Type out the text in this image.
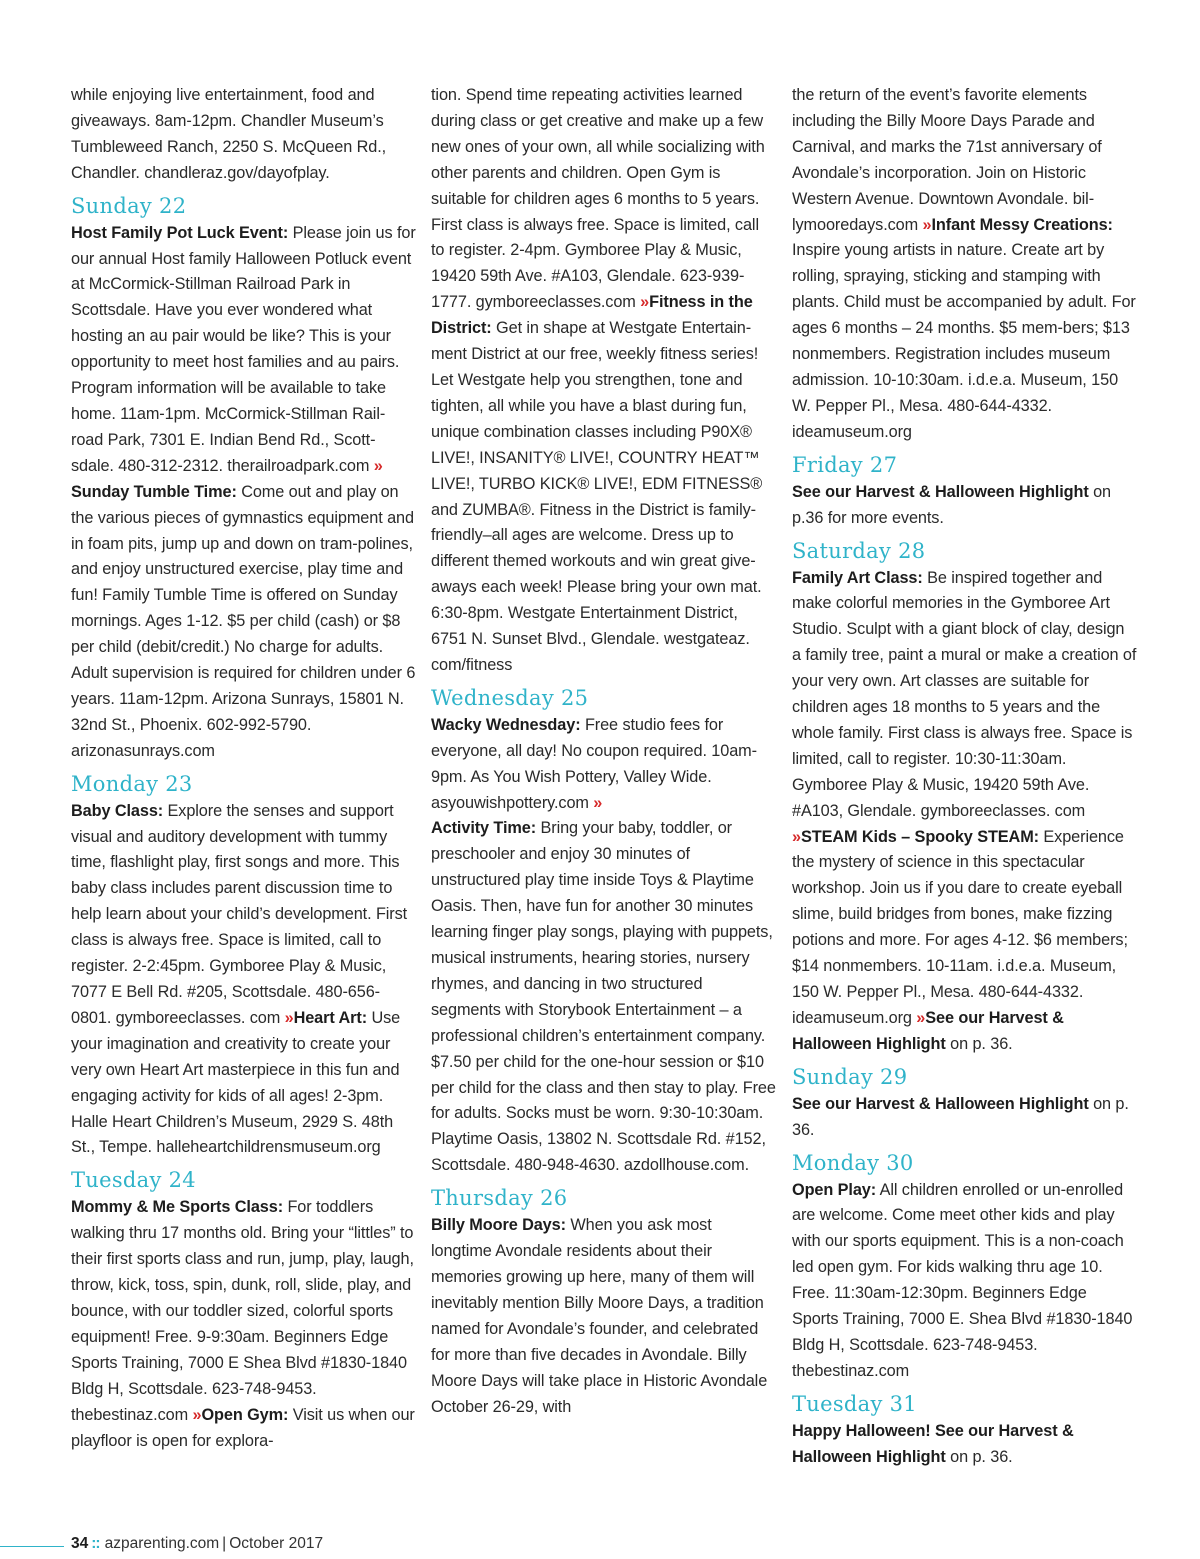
while enjoying live entertainment, food and giveaways. 8am-12pm. Chandler Museum’s Tumbleweed Ranch, 2250 S. McQueen Rd., Chandler. chandleraz.gov/dayofplay.

Sunday 22

Host Family Pot Luck Event: Please join us for our annual Host family Halloween Potluck event at McCormick-Stillman Railroad Park in Scottsdale. Have you ever wondered what hosting an au pair would be like? This is your opportunity to meet host families and au pairs. Program information will be available to take home. 11am-1pm. McCormick-Stillman Rail-road Park, 7301 E. Indian Bend Rd., Scott-sdale. 480-312-2312. therailroadpark.com »
Sunday Tumble Time: Come out and play on the various pieces of gymnastics equipment and in foam pits, jump up and down on tram-polines, and enjoy unstructured exercise, play time and fun! Family Tumble Time is offered on Sunday mornings. Ages 1-12. $5 per child (cash) or $8 per child (debit/credit.) No charge for adults. Adult supervision is required for children under 6 years. 11am-12pm. Arizona Sunrays, 15801 N. 32nd St., Phoenix. 602-992-5790. arizonasunrays.com

Monday 23

Baby Class: Explore the senses and support visual and auditory development with tummy time, flashlight play, first songs and more. This baby class includes parent discussion time to help learn about your child’s development. First class is always free. Space is limited, call to register. 2-2:45pm. Gymboree Play & Music, 7077 E Bell Rd. #205, Scottsdale. 480-656-0801. gymboreeclasses. com »Heart Art: Use your imagination and creativity to create your very own Heart Art masterpiece in this fun and engaging activity for kids of all ages! 2-3pm. Halle Heart Children’s Museum, 2929 S. 48th St., Tempe. halleheartchildrensmuseum.org

Tuesday 24

Mommy & Me Sports Class: For toddlers walking thru 17 months old. Bring your “littles” to their first sports class and run, jump, play, laugh, throw, kick, toss, spin, dunk, roll, slide, play, and bounce, with our toddler sized, colorful sports equipment! Free. 9-9:30am. Beginners Edge Sports Training, 7000 E Shea Blvd #1830-1840 Bldg H, Scottsdale. 623-748-9453. thebestinaz.com »Open Gym: Visit us when our playfloor is open for explora-

tion. Spend time repeating activities learned during class or get creative and make up a few new ones of your own, all while socializing with other parents and children. Open Gym is suitable for children ages 6 months to 5 years. First class is always free. Space is limited, call to register. 2-4pm. Gymboree Play & Music, 19420 59th Ave. #A103, Glendale. 623-939-1777. gymboreeclasses.com »Fitness in the District: Get in shape at Westgate Entertain-ment District at our free, weekly fitness series! Let Westgate help you strengthen, tone and tighten, all while you have a blast during fun, unique combination classes including P90X® LIVE!, INSANITY® LIVE!, COUNTRY HEAT™ LIVE!, TURBO KICK® LIVE!, EDM FITNESS® and ZUMBA®. Fitness in the District is family-friendly–all ages are welcome. Dress up to different themed workouts and win great give-aways each week! Please bring your own mat. 6:30-8pm. Westgate Entertainment District, 6751 N. Sunset Blvd., Glendale. westgateaz. com/fitness

Wednesday 25

Wacky Wednesday: Free studio fees for everyone, all day! No coupon required. 10am-9pm. As You Wish Pottery, Valley Wide. asyouwishpottery.com »
Activity Time: Bring your baby, toddler, or preschooler and enjoy 30 minutes of unstructured play time inside Toys & Playtime Oasis. Then, have fun for another 30 minutes learning finger play songs, playing with puppets, musical instruments, hearing stories, nursery rhymes, and dancing in two structured segments with Storybook Entertainment – a professional children’s entertainment company. $7.50 per child for the one-hour session or $10 per child for the class and then stay to play. Free for adults. Socks must be worn. 9:30-10:30am. Playtime Oasis, 13802 N. Scottsdale Rd. #152, Scottsdale. 480-948-4630. azdollhouse.com.

Thursday 26

Billy Moore Days: When you ask most longtime Avondale residents about their memories growing up here, many of them will inevitably mention Billy Moore Days, a tradition named for Avondale’s founder, and celebrated for more than five decades in Avondale. Billy Moore Days will take place in Historic Avondale October 26-29, with

the return of the event’s favorite elements including the Billy Moore Days Parade and Carnival, and marks the 71st anniversary of Avondale’s incorporation. Join on Historic Western Avenue. Downtown Avondale. bil-lymooredays.com »Infant Messy Creations: Inspire young artists in nature. Create art by rolling, spraying, sticking and stamping with plants. Child must be accompanied by adult. For ages 6 months – 24 months. $5 mem-bers; $13 nonmembers. Registration includes museum admission. 10-10:30am. i.d.e.a. Museum, 150 W. Pepper Pl., Mesa. 480-644-4332. ideamuseum.org

Friday 27

See our Harvest & Halloween Highlight on p.36 for more events.

Saturday 28

Family Art Class: Be inspired together and make colorful memories in the Gymboree Art Studio. Sculpt with a giant block of clay, design a family tree, paint a mural or make a creation of your very own. Art classes are suitable for children ages 18 months to 5 years and the whole family. First class is always free. Space is limited, call to register. 10:30-11:30am. Gymboree Play & Music, 19420 59th Ave. #A103, Glendale. gymboreeclasses. com »STEAM Kids – Spooky STEAM: Experience the mystery of science in this spectacular workshop. Join us if you dare to create eyeball slime, build bridges from bones, make fizzing potions and more. For ages 4-12. $6 members; $14 nonmembers. 10-11am. i.d.e.a. Museum, 150 W. Pepper Pl., Mesa. 480-644-4332. ideamuseum.org »See our Harvest & Halloween Highlight on p. 36.

Sunday 29

See our Harvest & Halloween Highlight on p. 36.

Monday 30

Open Play: All children enrolled or un-enrolled are welcome. Come meet other kids and play with our sports equipment. This is a non-coach led open gym. For kids walking thru age 10. Free. 11:30am-12:30pm. Beginners Edge Sports Training, 7000 E. Shea Blvd #1830-1840 Bldg H, Scottsdale. 623-748-9453. thebestinaz.com

Tuesday 31

Happy Halloween! See our Harvest & Halloween Highlight on p. 36.

34 :: azparenting.com | October 2017
